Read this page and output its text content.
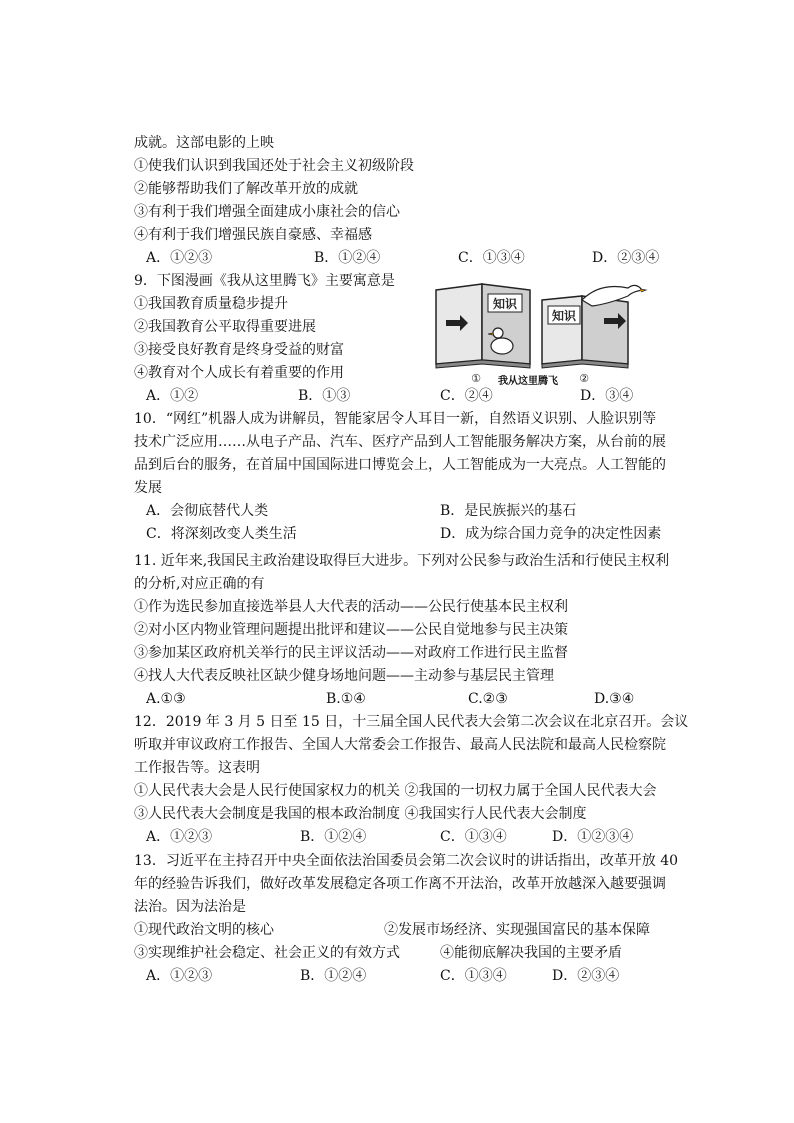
成就。这部电影的上映
①使我们认识到我国还处于社会主义初级阶段
②能够帮助我们了解改革开放的成就
③有利于我们增强全面建成小康社会的信心
④有利于我们增强民族自豪感、幸福感
A．①②③	B．①②④	C．①③④	D．②③④
9．下图漫画《我从这里腾飞》主要寓意是
①我国教育质量稳步提升
②我国教育公平取得重要进展
③接受良好教育是终身受益的财富
④教育对个人成长有着重要的作用
A．①②	B．①③	C．②④	D．③④
知识
①
知识
②
我从这里腾飞
10．“网红”机器人成为讲解员，智能家居令人耳目一新，自然语义识别、人脸识别等
技术广泛应用……从电子产品、汽车、医疗产品到人工智能服务解决方案，从台前的展
品到后台的服务，在首届中国国际进口博览会上，人工智能成为一大亮点。人工智能的
发展
A．会彻底替代人类	B．是民族振兴的基石
C．将深刻改变人类生活	D．成为综合国力竞争的决定性因素
11. 近年来,我国民主政治建设取得巨大进步。下列对公民参与政治生活和行使民主权利
的分析,对应正确的有
①作为选民参加直接选举县人大代表的活动——公民行使基本民主权利
②对小区内物业管理问题提出批评和建议——公民自觉地参与民主决策
③参加某区政府机关举行的民主评议活动——对政府工作进行民主监督
④找人大代表反映社区缺少健身场地问题——主动参与基层民主管理
A.①③	B.①④	C.②③	D.③④
12．2019 年 3 月 5 日至 15 日，十三届全国人民代表大会第二次会议在北京召开。会议
听取并审议政府工作报告、全国人大常委会工作报告、最高人民法院和最高人民检察院
工作报告等。这表明
①人民代表大会是人民行使国家权力的机关 ②我国的一切权力属于全国人民代表大会
③人民代表大会制度是我国的根本政治制度 ④我国实行人民代表大会制度
A．①②③	B．①②④	C．①③④	D．①②③④
13．习近平在主持召开中央全面依法治国委员会第二次会议时的讲话指出，改革开放 40
年的经验告诉我们，做好改革发展稳定各项工作离不开法治，改革开放越深入越要强调
法治。因为法治是
①现代政治文明的核心	②发展市场经济、实现强国富民的基本保障
③实现维护社会稳定、社会正义的有效方式	④能彻底解决我国的主要矛盾
A．①②③	B．①②④	C．①③④	D．②③④
